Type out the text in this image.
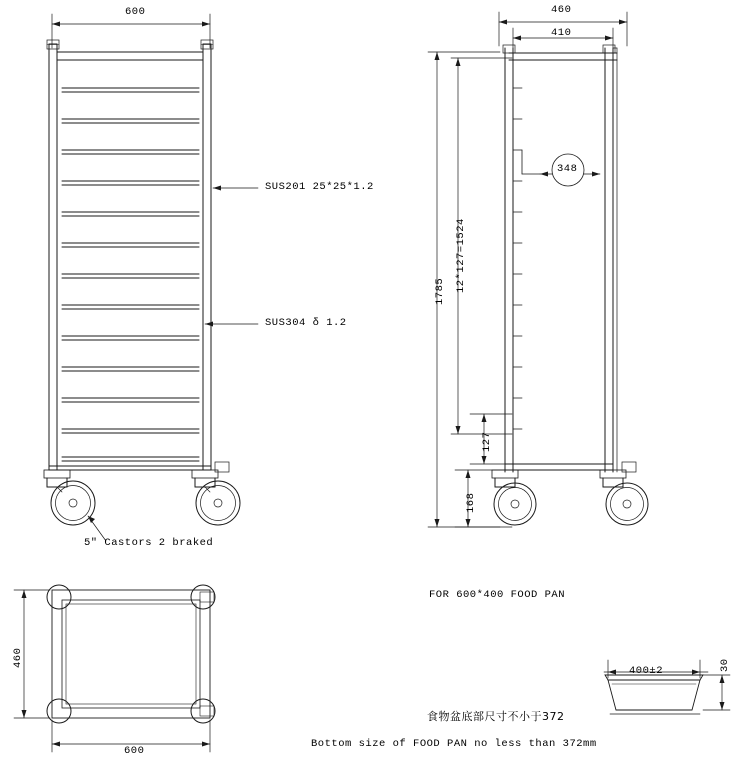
600
SUS201 25*25*1.2
SUS304 δ 1.2
5" Castors 2 braked
460
410
348
1785 12*127=1524
127
168
460
600
FOR 600*400 FOOD PAN
400±2	30
食物盆底部尺寸不小于372
Bottom size of FOOD PAN no less than 372mm
